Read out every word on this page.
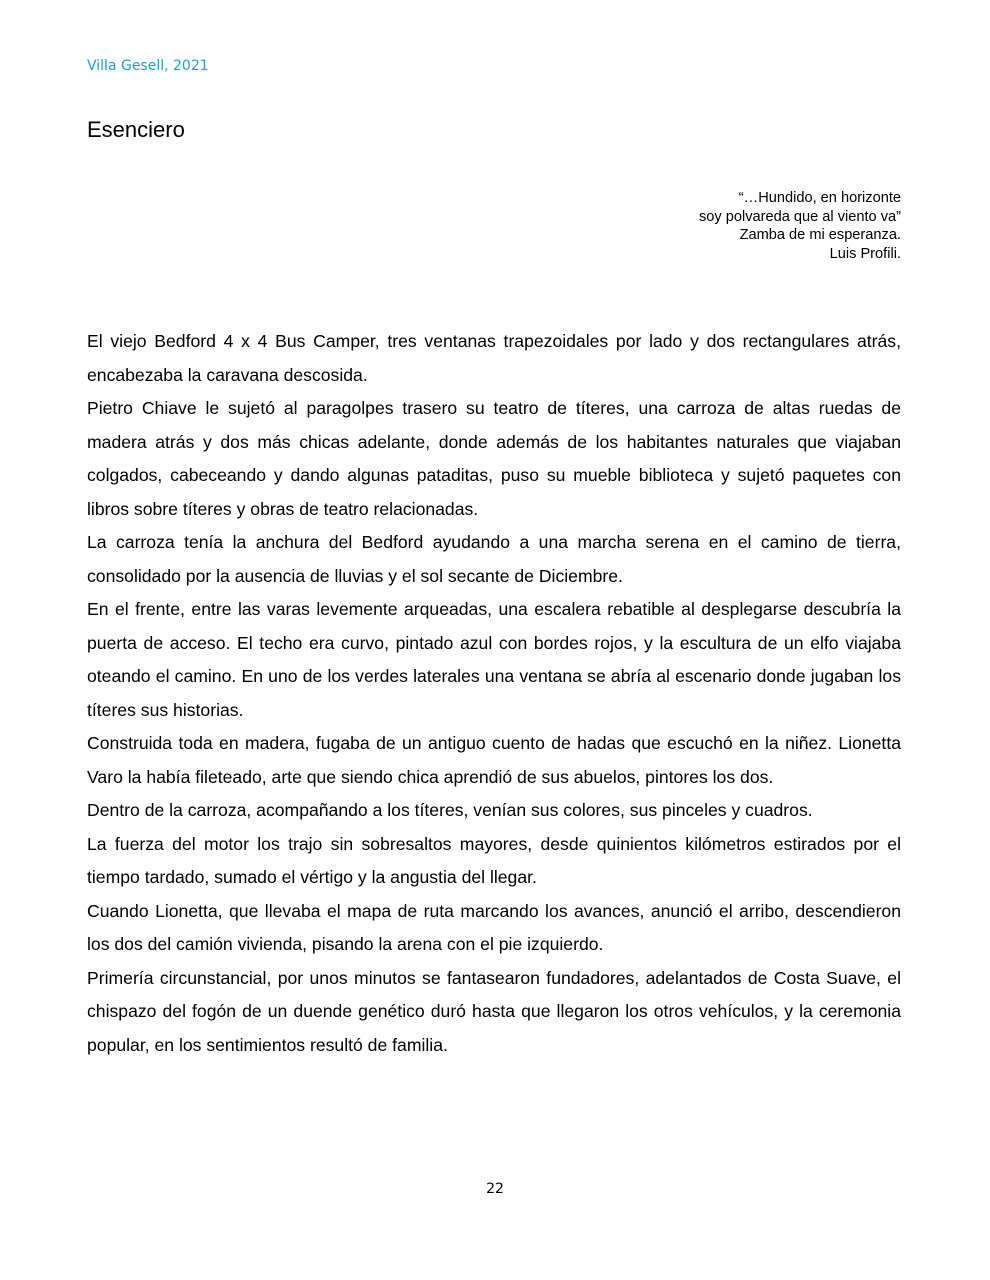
Villa Gesell, 2021
Esenciero
“…Hundido, en horizonte
soy polvareda que al viento va”
Zamba de mi esperanza.
Luis Profili.

El viejo Bedford 4 x 4 Bus Camper, tres ventanas trapezoidales por lado y dos rectangulares atrás, encabezaba la caravana descosida.

Pietro Chiave le sujetó al paragolpes trasero su teatro de títeres, una carroza de altas ruedas de madera atrás y dos más chicas adelante, donde además de los habitantes naturales que viajaban colgados, cabeceando y dando algunas pataditas, puso su mueble biblioteca y sujetó paquetes con libros sobre títeres y obras de teatro relacionadas.

La carroza tenía la anchura del Bedford ayudando a una marcha serena en el camino de tierra, consolidado por la ausencia de lluvias y el sol secante de Diciembre.

En el frente, entre las varas levemente arqueadas, una escalera rebatible al desplegarse descubría la puerta de acceso. El techo era curvo, pintado azul con bordes rojos, y la escultura de un elfo viajaba oteando el camino. En uno de los verdes laterales una ventana se abría al escenario donde jugaban los títeres sus historias.

Construida toda en madera, fugaba de un antiguo cuento de hadas que escuchó en la niñez. Lionetta Varo la había fileteado, arte que siendo chica aprendió de sus abuelos, pintores los dos.

Dentro de la carroza, acompañando a los títeres, venían sus colores, sus pinceles y cuadros.

La fuerza del motor los trajo sin sobresaltos mayores, desde quinientos kilómetros estirados por el tiempo tardado, sumado el vértigo y la angustia del llegar.

Cuando Lionetta, que llevaba el mapa de ruta marcando los avances, anunció el arribo, descendieron los dos del camión vivienda, pisando la arena con el pie izquierdo.

Primería circunstancial, por unos minutos se fantasearon fundadores, adelantados de Costa Suave, el chispazo del fogón de un duende genético duró hasta que llegaron los otros vehículos, y la ceremonia popular, en los sentimientos resultó de familia.

22
